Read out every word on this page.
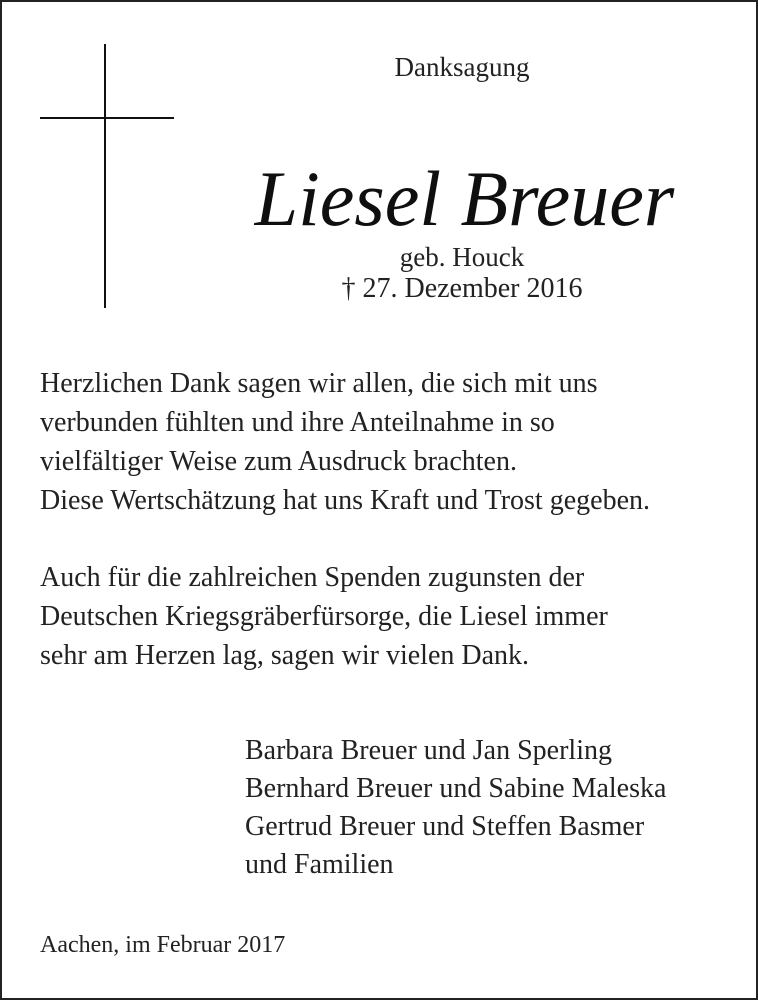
Danksagung
Liesel Breuer
geb. Houck
† 27. Dezember 2016
Herzlichen Dank sagen wir allen, die sich mit uns
verbunden fühlten und ihre Anteilnahme in so
vielfältiger Weise zum Ausdruck brachten.
Diese Wertschätzung hat uns Kraft und Trost gegeben.
Auch für die zahlreichen Spenden zugunsten der
Deutschen Kriegsgräberfürsorge, die Liesel immer
sehr am Herzen lag, sagen wir vielen Dank.
Barbara Breuer und Jan Sperling
Bernhard Breuer und Sabine Maleska
Gertrud Breuer und Steffen Basmer
und Familien
Aachen, im Februar 2017
